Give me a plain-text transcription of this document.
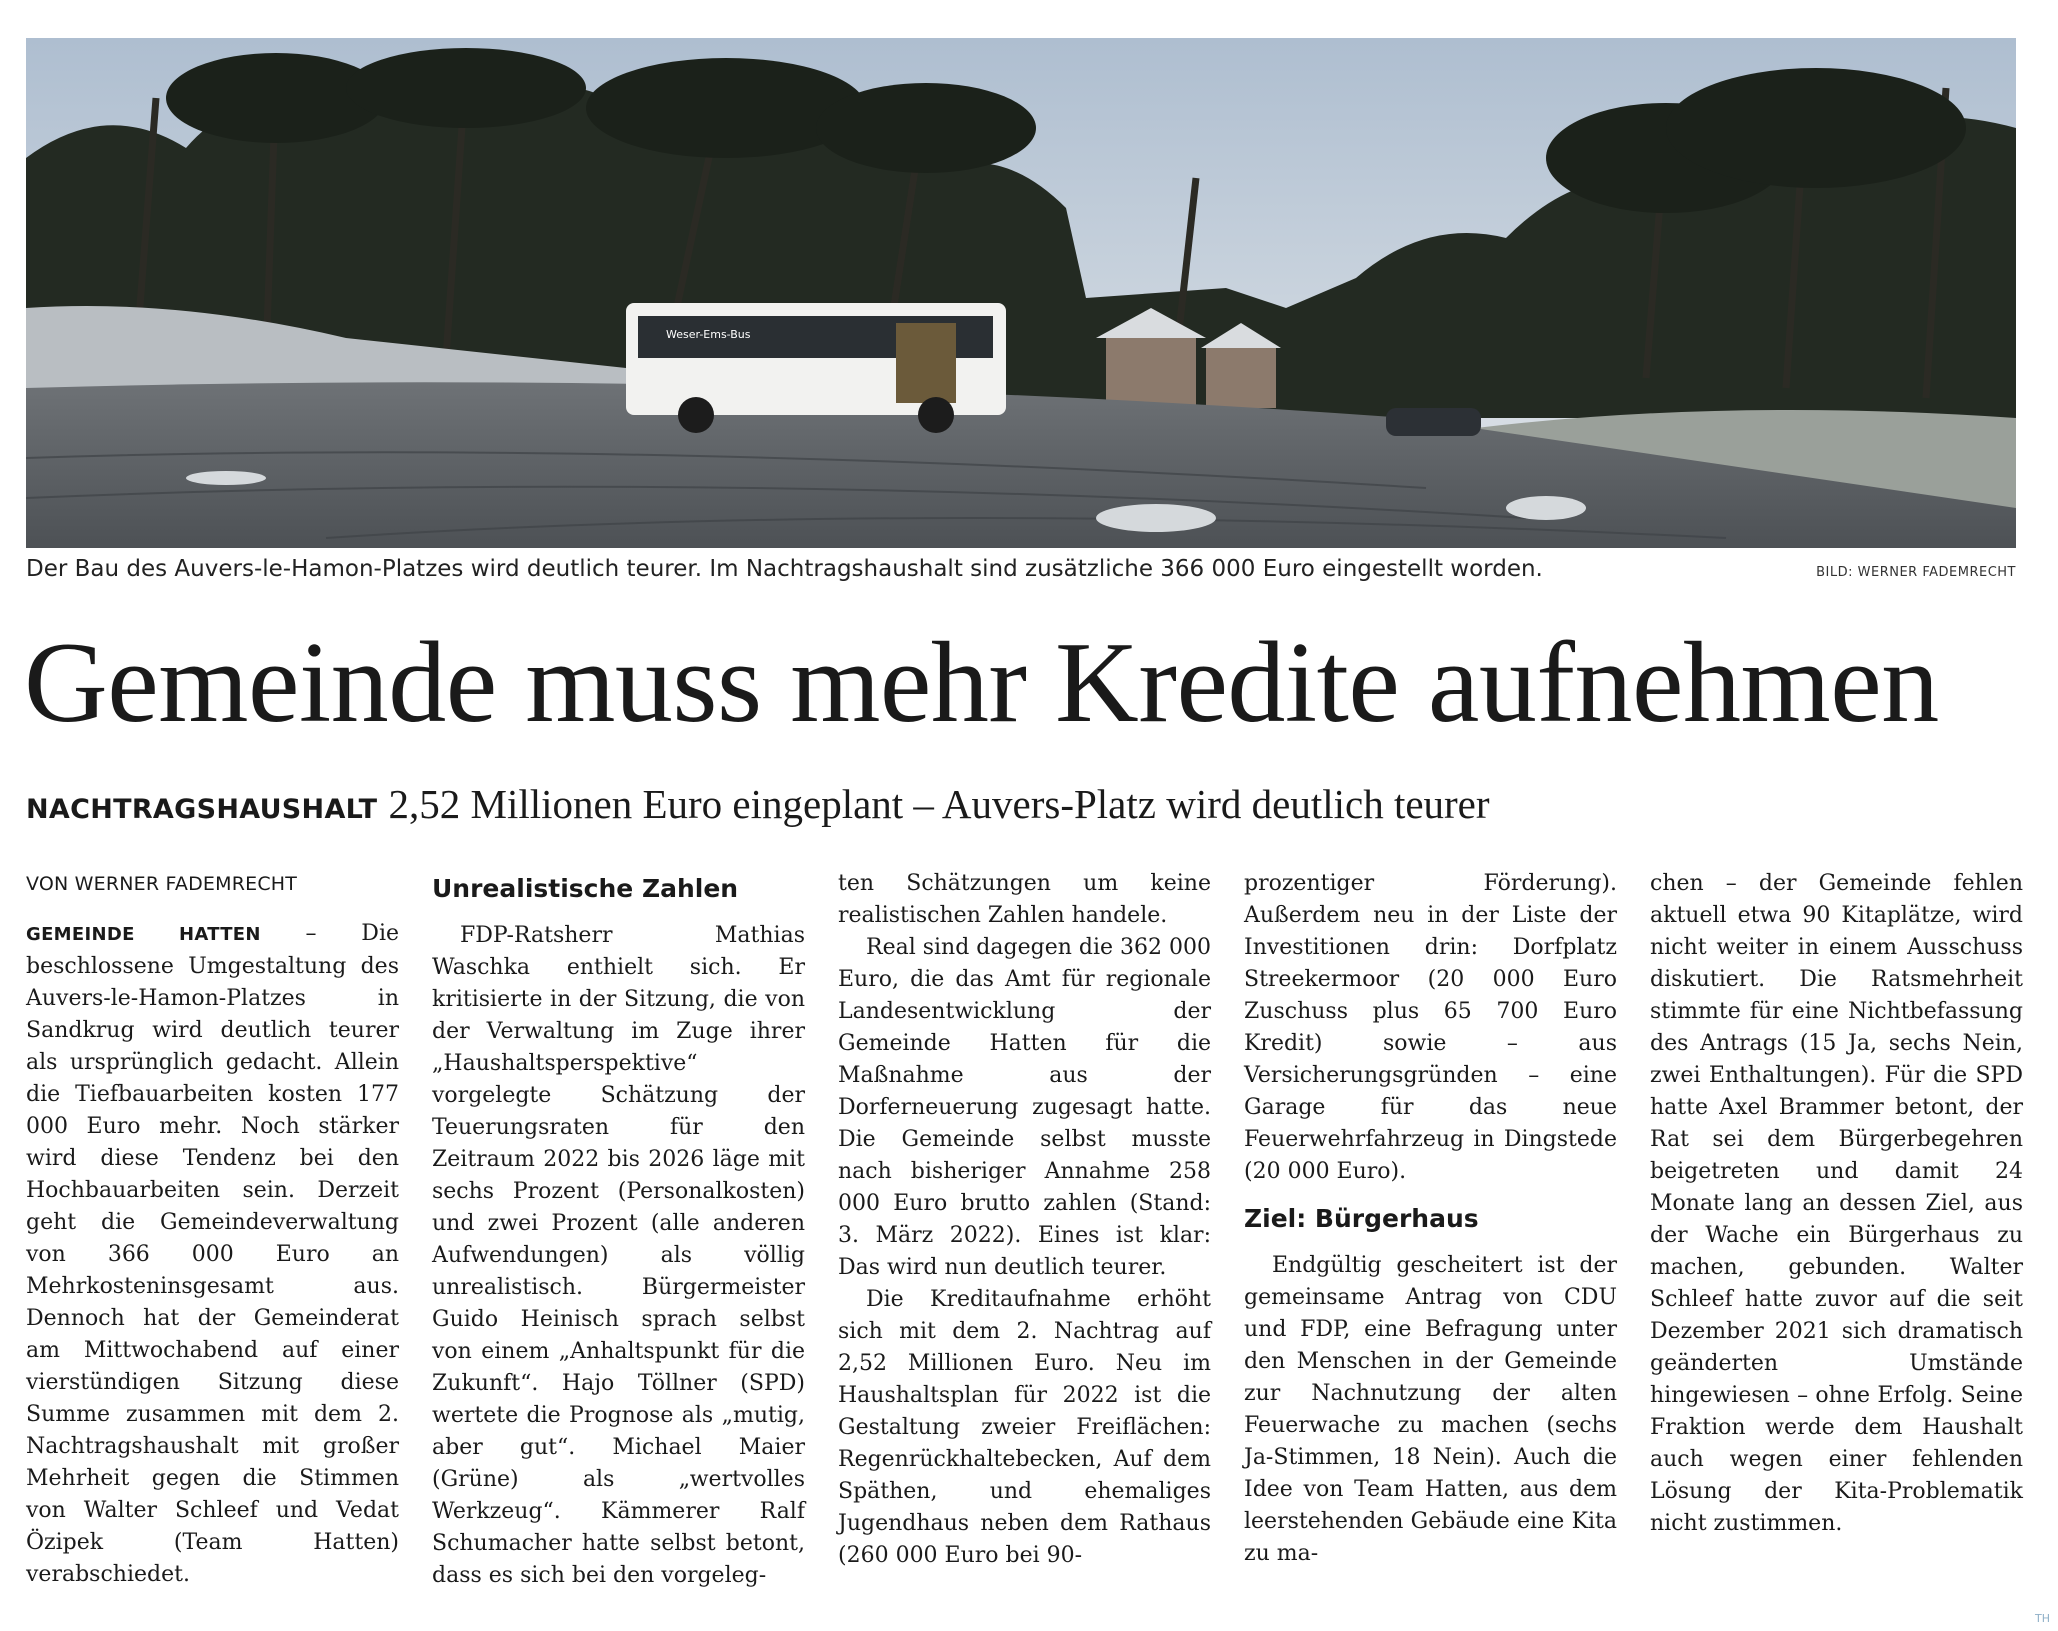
Weser-Ems-Bus
Der Bau des Auvers-le-Hamon-Platzes wird deutlich teurer. Im Nachtragshaushalt sind zusätzliche 366 000 Euro eingestellt worden.	BILD: WERNER FADEMRECHT
Gemeinde muss mehr Kredite aufnehmen
NACHTRAGSHAUSHALT 2,52 Millionen Euro eingeplant – Auvers-Platz wird deutlich teurer
VON WERNER FADEMRECHT

GEMEINDE HATTEN – Die beschlossene Umgestaltung des Auvers-le-Hamon-Platzes in Sandkrug wird deutlich teurer als ursprünglich gedacht. Allein die Tiefbauarbeiten kosten 177 000 Euro mehr. Noch stärker wird diese Tendenz bei den Hochbauarbeiten sein. Derzeit geht die Gemeindeverwaltung von 366 000 Euro an Mehrkosteninsgesamt aus. Dennoch hat der Gemeinderat am Mittwochabend auf einer vierstündigen Sitzung diese Summe zusammen mit dem 2. Nachtragshaushalt mit großer Mehrheit gegen die Stimmen von Walter Schleef und Vedat Özipek (Team Hatten) verabschiedet.

Unrealistische Zahlen

FDP-Ratsherr Mathias Waschka enthielt sich. Er kritisierte in der Sitzung, die von der Verwaltung im Zuge ihrer „Haushaltsperspektive“ vorgelegte Schätzung der Teuerungsraten für den Zeitraum 2022 bis 2026 läge mit sechs Prozent (Personalkosten) und zwei Prozent (alle anderen Aufwendungen) als völlig unrealistisch. Bürgermeister Guido Heinisch sprach selbst von einem „Anhaltspunkt für die Zukunft“. Hajo Töllner (SPD) wertete die Prognose als „mutig, aber gut“. Michael Maier (Grüne) als „wertvolles Werkzeug“. Kämmerer Ralf Schumacher hatte selbst betont, dass es sich bei den vorgeleg-

ten Schätzungen um keine realistischen Zahlen handele.

Real sind dagegen die 362 000 Euro, die das Amt für regionale Landesentwicklung der Gemeinde Hatten für die Maßnahme aus der Dorferneuerung zugesagt hatte. Die Gemeinde selbst musste nach bisheriger Annahme 258 000 Euro brutto zahlen (Stand: 3. März 2022). Eines ist klar: Das wird nun deutlich teurer.

Die Kreditaufnahme erhöht sich mit dem 2. Nachtrag auf 2,52 Millionen Euro. Neu im Haushaltsplan für 2022 ist die Gestaltung zweier Freiflächen: Regenrückhaltebecken, Auf dem Späthen, und ehemaliges Jugendhaus neben dem Rathaus (260 000 Euro bei 90-

prozentiger Förderung). Außerdem neu in der Liste der Investitionen drin: Dorfplatz Streekermoor (20 000 Euro Zuschuss plus 65 700 Euro Kredit) sowie – aus Versicherungsgründen – eine Garage für das neue Feuerwehrfahrzeug in Dingstede (20 000 Euro).

Ziel: Bürgerhaus

Endgültig gescheitert ist der gemeinsame Antrag von CDU und FDP, eine Befragung unter den Menschen in der Gemeinde zur Nachnutzung der alten Feuerwache zu machen (sechs Ja-Stimmen, 18 Nein). Auch die Idee von Team Hatten, aus dem leerstehenden Gebäude eine Kita zu ma-

chen – der Gemeinde fehlen aktuell etwa 90 Kitaplätze, wird nicht weiter in einem Ausschuss diskutiert. Die Ratsmehrheit stimmte für eine Nichtbefassung des Antrags (15 Ja, sechs Nein, zwei Enthaltungen). Für die SPD hatte Axel Brammer betont, der Rat sei dem Bürgerbegehren beigetreten und damit 24 Monate lang an dessen Ziel, aus der Wache ein Bürgerhaus zu machen, gebunden. Walter Schleef hatte zuvor auf die seit Dezember 2021 sich dramatisch geänderten Umstände hingewiesen – ohne Erfolg. Seine Fraktion werde dem Haushalt auch wegen einer fehlenden Lösung der Kita-Problematik nicht zustimmen.

TH
